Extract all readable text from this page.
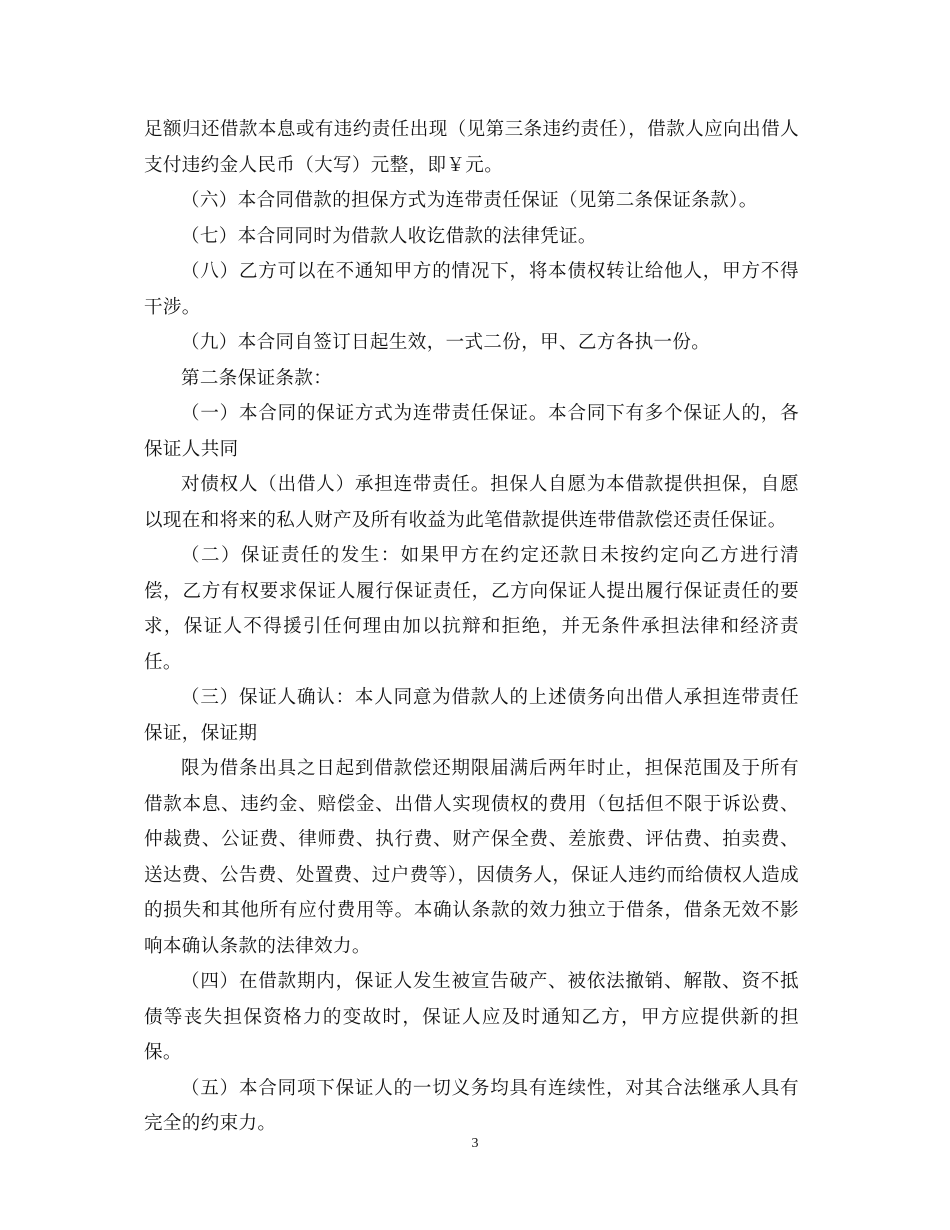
足额归还借款本息或有违约责任出现（见第三条违约责任），借款人应向出借人支付违约金人民币（大写）元整，即￥元。

（六）本合同借款的担保方式为连带责任保证（见第二条保证条款）。

（七）本合同同时为借款人收讫借款的法律凭证。

（八）乙方可以在不通知甲方的情况下，将本债权转让给他人，甲方不得干涉。

（九）本合同自签订日起生效，一式二份，甲、乙方各执一份。

第二条保证条款：

（一）本合同的保证方式为连带责任保证。本合同下有多个保证人的，各保证人共同

对债权人（出借人）承担连带责任。担保人自愿为本借款提供担保，自愿以现在和将来的私人财产及所有收益为此笔借款提供连带借款偿还责任保证。

（二）保证责任的发生：如果甲方在约定还款日未按约定向乙方进行清偿，乙方有权要求保证人履行保证责任，乙方向保证人提出履行保证责任的要求，保证人不得援引任何理由加以抗辩和拒绝，并无条件承担法律和经济责任。

（三）保证人确认：本人同意为借款人的上述债务向出借人承担连带责任保证，保证期

限为借条出具之日起到借款偿还期限届满后两年时止，担保范围及于所有借款本息、违约金、赔偿金、出借人实现债权的费用（包括但不限于诉讼费、仲裁费、公证费、律师费、执行费、财产保全费、差旅费、评估费、拍卖费、送达费、公告费、处置费、过户费等），因债务人，保证人违约而给债权人造成的损失和其他所有应付费用等。本确认条款的效力独立于借条，借条无效不影响本确认条款的法律效力。

（四）在借款期内，保证人发生被宣告破产、被依法撤销、解散、资不抵债等丧失担保资格力的变故时，保证人应及时通知乙方，甲方应提供新的担保。

（五）本合同项下保证人的一切义务均具有连续性，对其合法继承人具有完全的约束力。

3
